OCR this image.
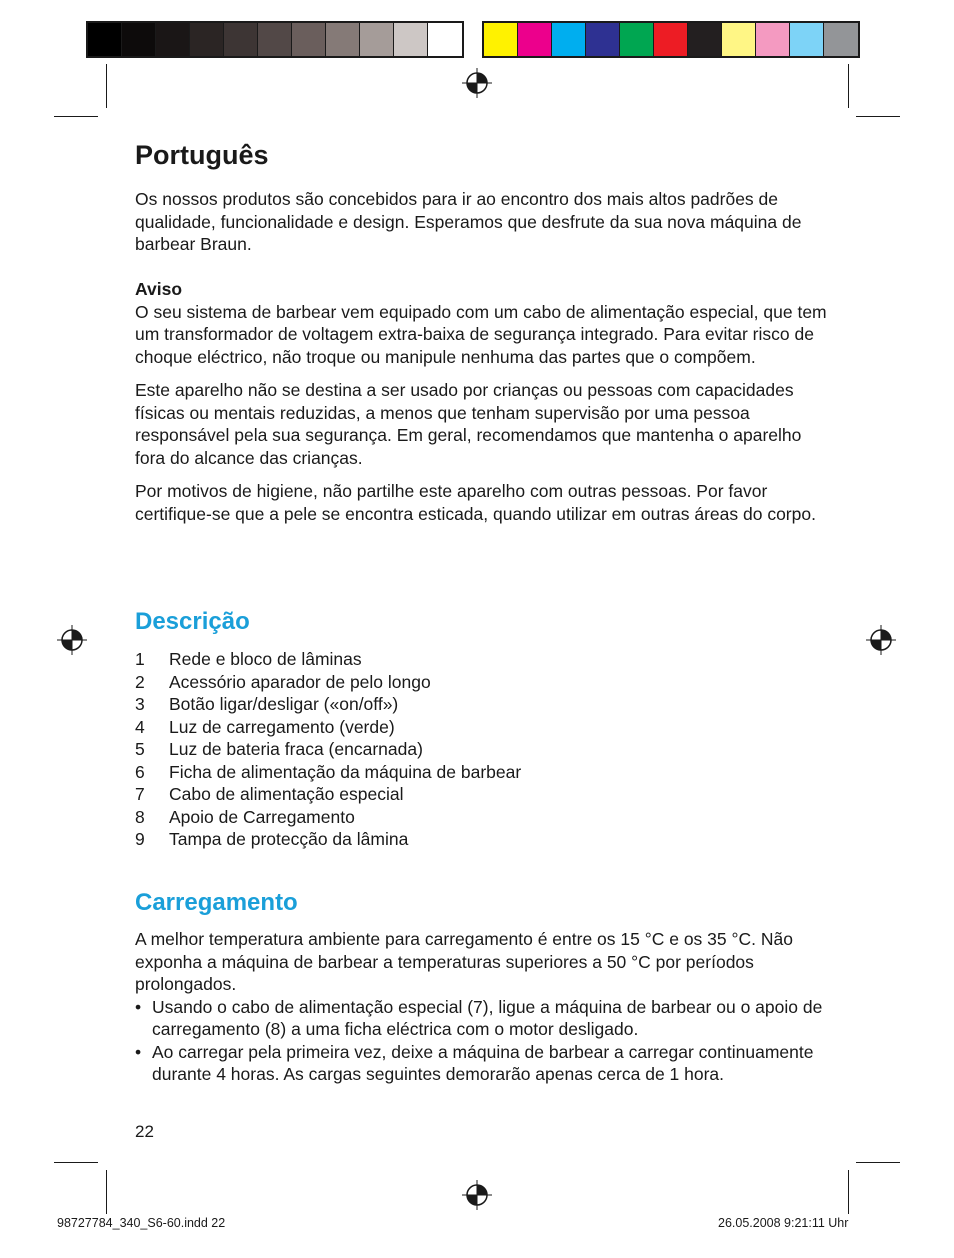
Português

Os nossos produtos são concebidos para ir ao encontro dos mais altos padrões de qualidade, funcionalidade e design. Esperamos que desfrute da sua nova máquina de barbear Braun.

Aviso

O seu sistema de barbear vem equipado com um cabo de alimentação especial, que tem um transformador de voltagem extra-baixa de segurança integrado. Para evitar risco de choque eléctrico, não troque ou manipule nenhuma das partes que o compõem.

Este aparelho não se destina a ser usado por crianças ou pessoas com capacidades físicas ou mentais reduzidas, a menos que tenham supervisão por uma pessoa responsável pela sua segurança. Em geral, recomendamos que mantenha o aparelho fora do alcance das crianças.

Por motivos de higiene, não partilhe este aparelho com outras pessoas. Por favor certifique-se que a pele se encontra esticada, quando utilizar em outras áreas do corpo.

Descrição
1	Rede e bloco de lâminas
2	Acessório aparador de pelo longo
3	Botão ligar/desligar («on/off»)
4	Luz de carregamento (verde)
5	Luz de bateria fraca (encarnada)
6	Ficha de alimentação da máquina de barbear
7	Cabo de alimentação especial
8	Apoio de Carregamento
9	Tampa de protecção da lâmina
Carregamento

A melhor temperatura ambiente para carregamento é entre os 15 °C e os 35 °C. Não exponha a máquina de barbear a temperaturas superiores a 50 °C por períodos prolongados.

• Usando o cabo de alimentação especial (7), ligue a máquina de barbear ou o apoio de carregamento (8) a uma ficha eléctrica com o motor desligado.
• Ao carregar pela primeira vez, deixe a máquina de barbear a carregar continuamente durante 4 horas. As cargas seguintes demorarão apenas cerca de 1 hora.
22
98727784_340_S6-60.indd 22	26.05.2008 9:21:11 Uhr
